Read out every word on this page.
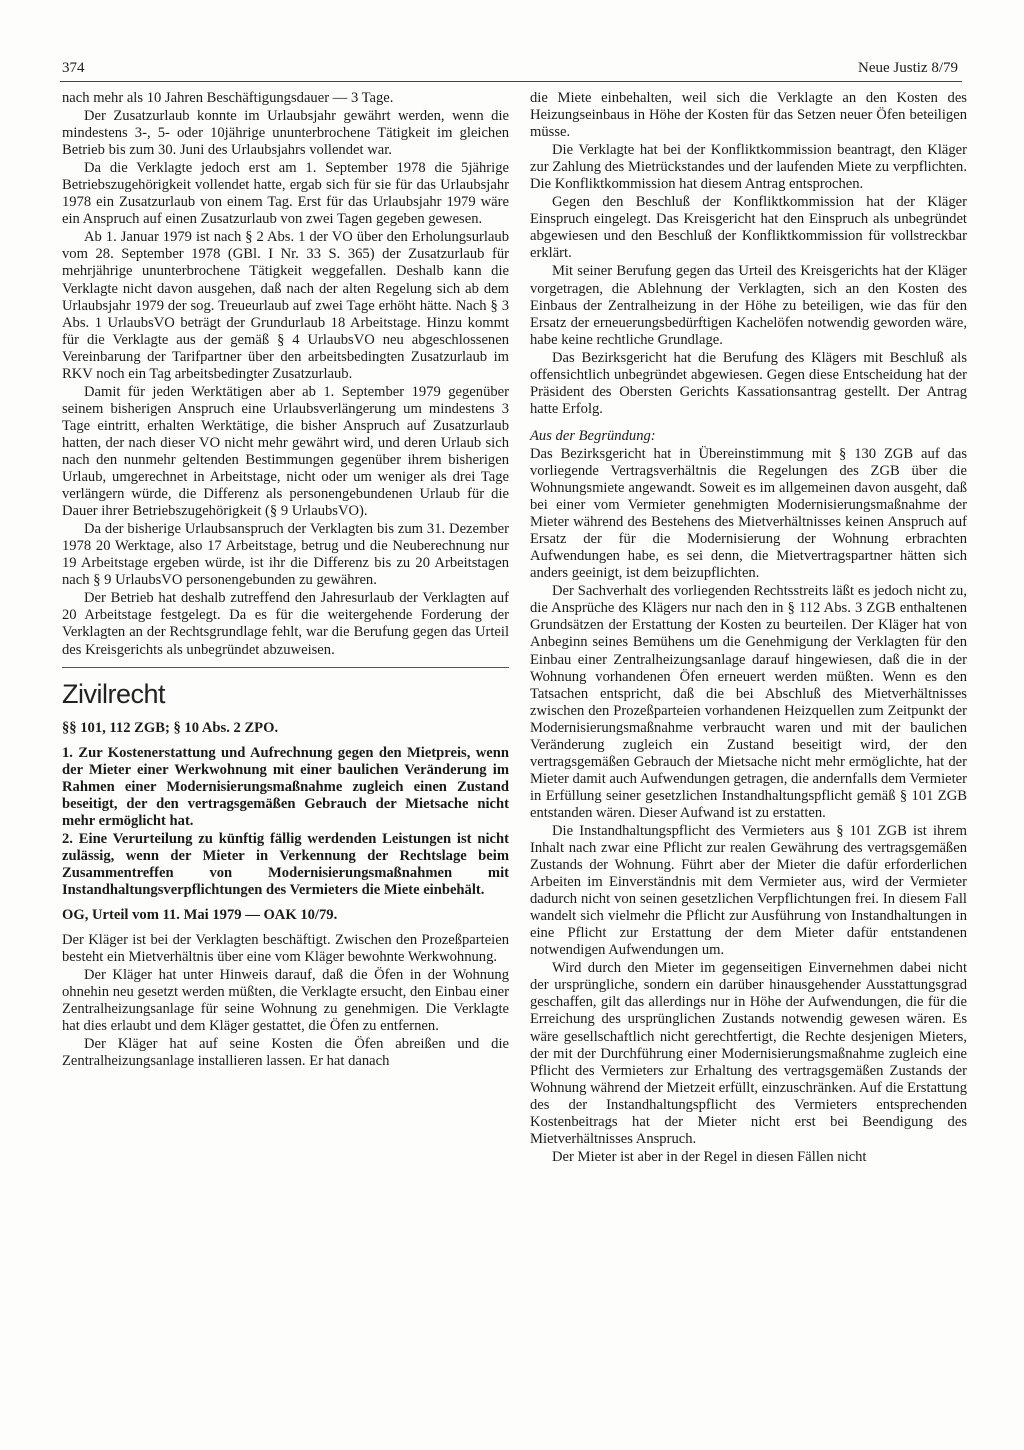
374	Neue Justiz 8/79

nach mehr als 10 Jahren Beschäftigungsdauer — 3 Tage.

Der Zusatzurlaub konnte im Urlaubsjahr gewährt werden, wenn die mindestens 3-, 5- oder 10jährige ununterbrochene Tätigkeit im gleichen Betrieb bis zum 30. Juni des Urlaubsjahrs vollendet war.

Da die Verklagte jedoch erst am 1. September 1978 die 5jährige Betriebszugehörigkeit vollendet hatte, ergab sich für sie für das Urlaubsjahr 1978 ein Zusatzurlaub von einem Tag. Erst für das Urlaubsjahr 1979 wäre ein Anspruch auf einen Zusatzurlaub von zwei Tagen gegeben gewesen.

Ab 1. Januar 1979 ist nach § 2 Abs. 1 der VO über den Erholungsurlaub vom 28. September 1978 (GBl. I Nr. 33 S. 365) der Zusatzurlaub für mehrjährige ununterbrochene Tätigkeit weggefallen. Deshalb kann die Verklagte nicht davon ausgehen, daß nach der alten Regelung sich ab dem Urlaubsjahr 1979 der sog. Treueurlaub auf zwei Tage erhöht hätte. Nach § 3 Abs. 1 UrlaubsVO beträgt der Grundurlaub 18 Arbeitstage. Hinzu kommt für die Verklagte aus der gemäß § 4 UrlaubsVO neu abgeschlossenen Vereinbarung der Tarifpartner über den arbeitsbedingten Zusatzurlaub im RKV noch ein Tag arbeitsbedingter Zusatzurlaub.

Damit für jeden Werktätigen aber ab 1. September 1979 gegenüber seinem bisherigen Anspruch eine Urlaubsverlängerung um mindestens 3 Tage eintritt, erhalten Werktätige, die bisher Anspruch auf Zusatzurlaub hatten, der nach dieser VO nicht mehr gewährt wird, und deren Urlaub sich nach den nunmehr geltenden Bestimmungen gegenüber ihrem bisherigen Urlaub, umgerechnet in Arbeitstage, nicht oder um weniger als drei Tage verlängern würde, die Differenz als personengebundenen Urlaub für die Dauer ihrer Betriebszugehörigkeit (§ 9 UrlaubsVO).

Da der bisherige Urlaubsanspruch der Verklagten bis zum 31. Dezember 1978 20 Werktage, also 17 Arbeitstage, betrug und die Neuberechnung nur 19 Arbeitstage ergeben würde, ist ihr die Differenz bis zu 20 Arbeitstagen nach § 9 UrlaubsVO personengebunden zu gewähren.

Der Betrieb hat deshalb zutreffend den Jahresurlaub der Verklagten auf 20 Arbeitstage festgelegt. Da es für die weitergehende Forderung der Verklagten an der Rechtsgrundlage fehlt, war die Berufung gegen das Urteil des Kreisgerichts als unbegründet abzuweisen.

Zivilrecht

§§ 101, 112 ZGB; § 10 Abs. 2 ZPO.

1. Zur Kostenerstattung und Aufrechnung gegen den Mietpreis, wenn der Mieter einer Werkwohnung mit einer baulichen Veränderung im Rahmen einer Modernisierungsmaßnahme zugleich einen Zustand beseitigt, der den vertragsgemäßen Gebrauch der Mietsache nicht mehr ermöglicht hat.

2. Eine Verurteilung zu künftig fällig werdenden Leistungen ist nicht zulässig, wenn der Mieter in Verkennung der Rechtslage beim Zusammentreffen von Modernisierungsmaßnahmen mit Instandhaltungsverpflichtungen des Vermieters die Miete einbehält.

OG, Urteil vom 11. Mai 1979 — OAK 10/79.

Der Kläger ist bei der Verklagten beschäftigt. Zwischen den Prozeßparteien besteht ein Mietverhältnis über eine vom Kläger bewohnte Werkwohnung.

Der Kläger hat unter Hinweis darauf, daß die Öfen in der Wohnung ohnehin neu gesetzt werden müßten, die Verklagte ersucht, den Einbau einer Zentralheizungsanlage für seine Wohnung zu genehmigen. Die Verklagte hat dies erlaubt und dem Kläger gestattet, die Öfen zu entfernen.

Der Kläger hat auf seine Kosten die Öfen abreißen und die Zentralheizungsanlage installieren lassen. Er hat danach

die Miete einbehalten, weil sich die Verklagte an den Kosten des Heizungseinbaus in Höhe der Kosten für das Setzen neuer Öfen beteiligen müsse.

Die Verklagte hat bei der Konfliktkommission beantragt, den Kläger zur Zahlung des Mietrückstandes und der laufenden Miete zu verpflichten. Die Konfliktkommission hat diesem Antrag entsprochen.

Gegen den Beschluß der Konfliktkommission hat der Kläger Einspruch eingelegt. Das Kreisgericht hat den Einspruch als unbegründet abgewiesen und den Beschluß der Konfliktkommission für vollstreckbar erklärt.

Mit seiner Berufung gegen das Urteil des Kreisgerichts hat der Kläger vorgetragen, die Ablehnung der Verklagten, sich an den Kosten des Einbaus der Zentralheizung in der Höhe zu beteiligen, wie das für den Ersatz der erneuerungsbedürftigen Kachelöfen notwendig geworden wäre, habe keine rechtliche Grundlage.

Das Bezirksgericht hat die Berufung des Klägers mit Beschluß als offensichtlich unbegründet abgewiesen. Gegen diese Entscheidung hat der Präsident des Obersten Gerichts Kassationsantrag gestellt. Der Antrag hatte Erfolg.

Aus der Begründung:

Das Bezirksgericht hat in Übereinstimmung mit § 130 ZGB auf das vorliegende Vertragsverhältnis die Regelungen des ZGB über die Wohnungsmiete angewandt. Soweit es im allgemeinen davon ausgeht, daß bei einer vom Vermieter genehmigten Modernisierungsmaßnahme der Mieter während des Bestehens des Mietverhältnisses keinen Anspruch auf Ersatz der für die Modernisierung der Wohnung erbrachten Aufwendungen habe, es sei denn, die Mietvertragspartner hätten sich anders geeinigt, ist dem beizupflichten.

Der Sachverhalt des vorliegenden Rechtsstreits läßt es jedoch nicht zu, die Ansprüche des Klägers nur nach den in § 112 Abs. 3 ZGB enthaltenen Grundsätzen der Erstattung der Kosten zu beurteilen. Der Kläger hat von Anbeginn seines Bemühens um die Genehmigung der Verklagten für den Einbau einer Zentralheizungsanlage darauf hingewiesen, daß die in der Wohnung vorhandenen Öfen erneuert werden müßten. Wenn es den Tatsachen entspricht, daß die bei Abschluß des Mietverhältnisses zwischen den Prozeßparteien vorhandenen Heizquellen zum Zeitpunkt der Modernisierungsmaßnahme verbraucht waren und mit der baulichen Veränderung zugleich ein Zustand beseitigt wird, der den vertragsgemäßen Gebrauch der Mietsache nicht mehr ermöglichte, hat der Mieter damit auch Aufwendungen getragen, die andernfalls dem Vermieter in Erfüllung seiner gesetzlichen Instandhaltungspflicht gemäß § 101 ZGB entstanden wären. Dieser Aufwand ist zu erstatten.

Die Instandhaltungspflicht des Vermieters aus § 101 ZGB ist ihrem Inhalt nach zwar eine Pflicht zur realen Gewährung des vertragsgemäßen Zustands der Wohnung. Führt aber der Mieter die dafür erforderlichen Arbeiten im Einverständnis mit dem Vermieter aus, wird der Vermieter dadurch nicht von seinen gesetzlichen Verpflichtungen frei. In diesem Fall wandelt sich vielmehr die Pflicht zur Ausführung von Instandhaltungen in eine Pflicht zur Erstattung der dem Mieter dafür entstandenen notwendigen Aufwendungen um.

Wird durch den Mieter im gegenseitigen Einvernehmen dabei nicht der ursprüngliche, sondern ein darüber hinausgehender Ausstattungsgrad geschaffen, gilt das allerdings nur in Höhe der Aufwendungen, die für die Erreichung des ursprünglichen Zustands notwendig gewesen wären. Es wäre gesellschaftlich nicht gerechtfertigt, die Rechte desjenigen Mieters, der mit der Durchführung einer Modernisierungsmaßnahme zugleich eine Pflicht des Vermieters zur Erhaltung des vertragsgemäßen Zustands der Wohnung während der Mietzeit erfüllt, einzuschränken. Auf die Erstattung des der Instandhaltungspflicht des Vermieters entsprechenden Kostenbeitrags hat der Mieter nicht erst bei Beendigung des Mietverhältnisses Anspruch.

Der Mieter ist aber in der Regel in diesen Fällen nicht
